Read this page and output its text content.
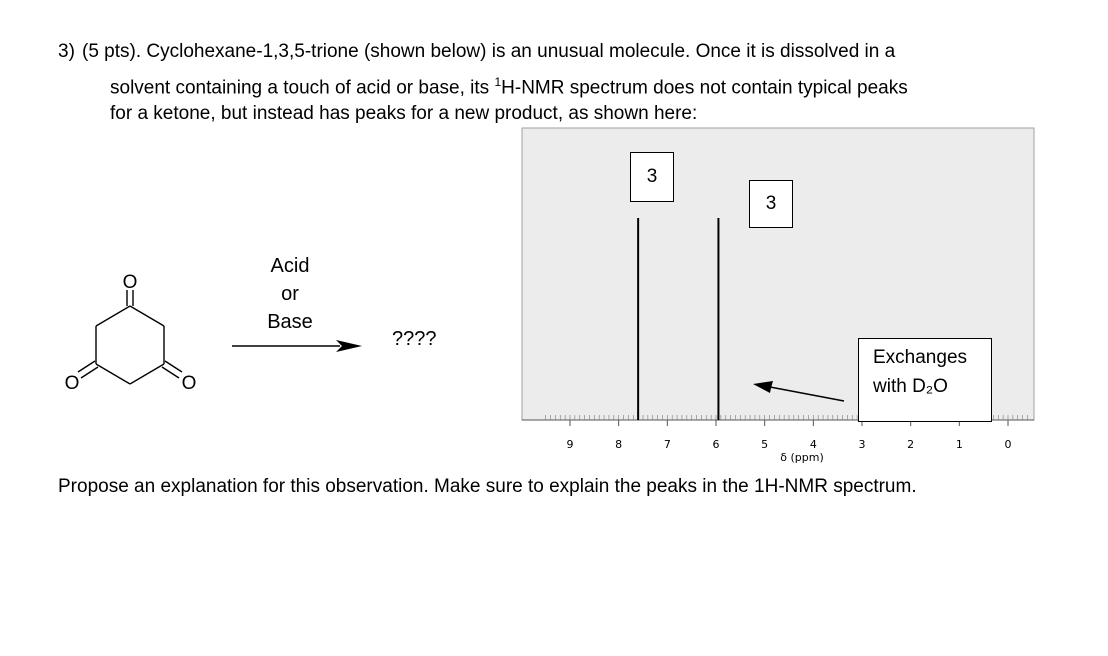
3) (5 pts). Cyclohexane-1,3,5-trione (shown below) is an unusual molecule. Once it is dissolved in a
solvent containing a touch of acid or base, its $^1$H-NMR spectrum does not contain typical peaks
for a ketone, but instead has peaks for a new product, as shown here:
O
O	O
Acid
or
Base
????
9	8	7	6	5	4	3	2	1	0
δ (ppm)
3
3
Exchanges
with D₂O
Propose an explanation for this observation. Make sure to explain the peaks in the 1H-NMR spectrum.
